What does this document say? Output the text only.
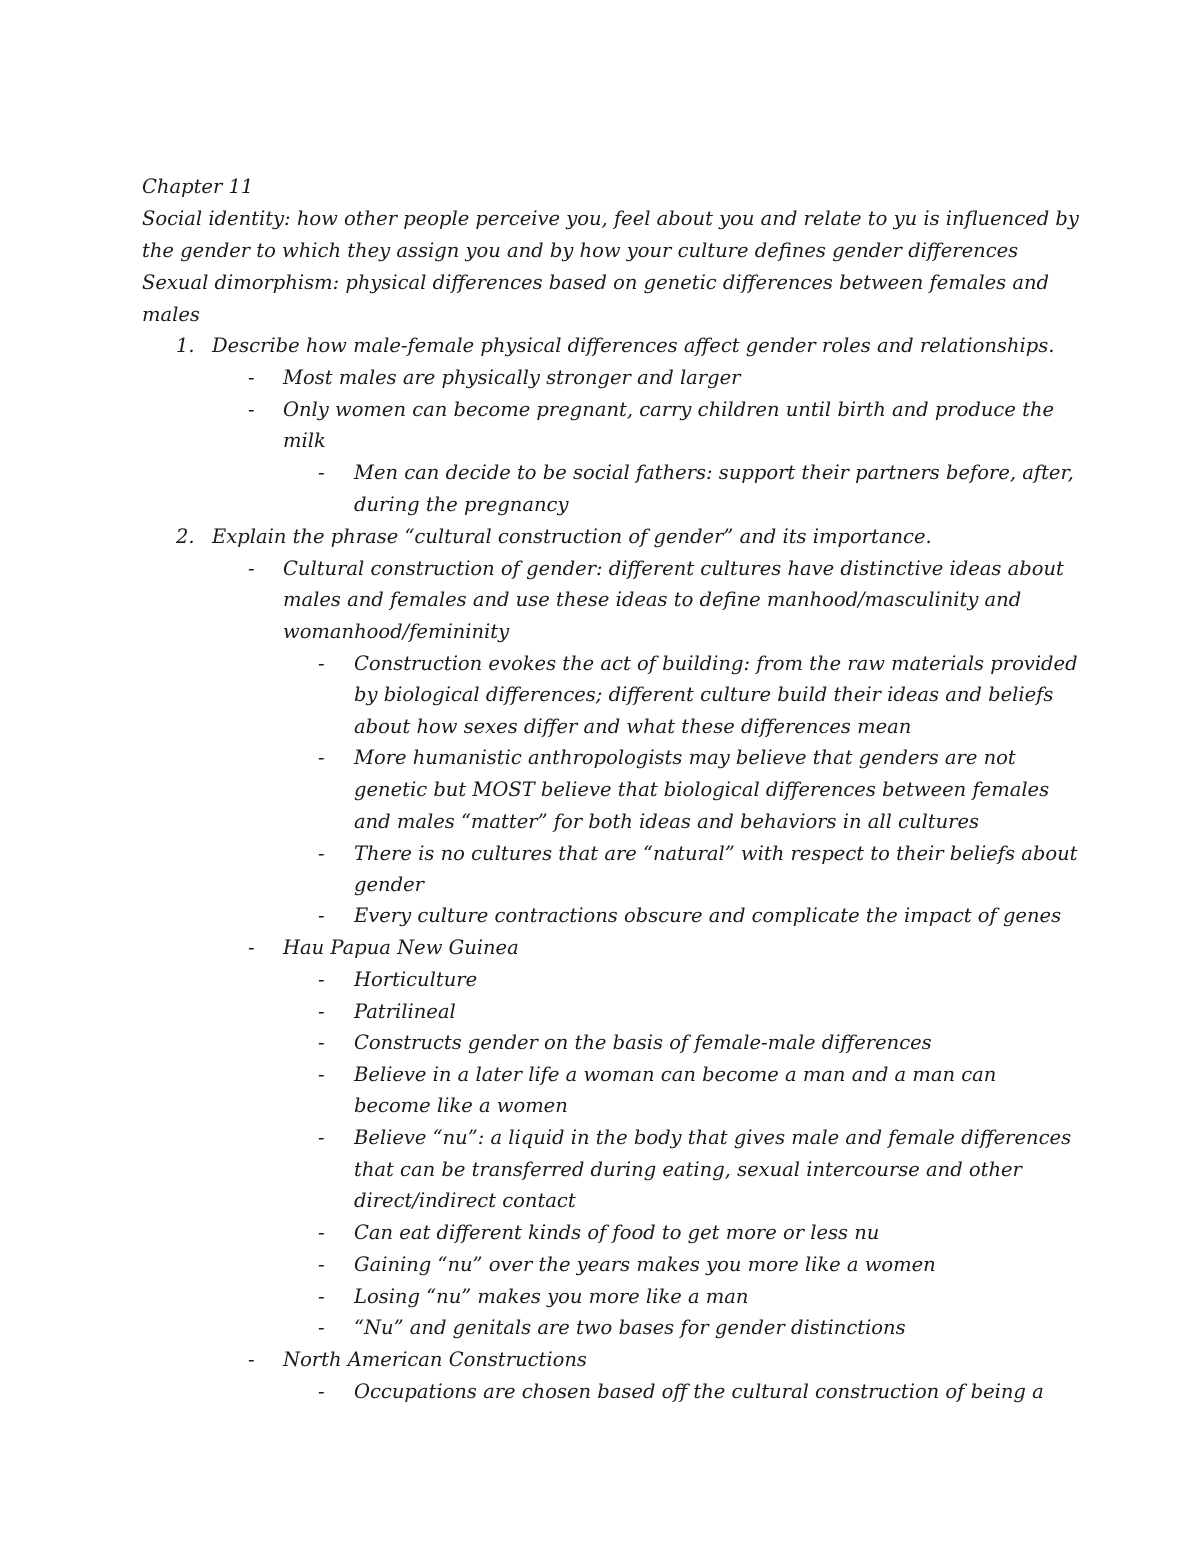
Chapter 11
Social identity: how other people perceive you, feel about you and relate to yu is influenced by
the gender to which they assign you and by how your culture defines gender differences
Sexual dimorphism: physical differences based on genetic differences between females and
males
1. Describe how male-female physical differences affect gender roles and relationships.
- Most males are physically stronger and larger
- Only women can become pregnant, carry children until birth and produce the
milk
- Men can decide to be social fathers: support their partners before, after,
during the pregnancy
2. Explain the phrase “cultural construction of gender” and its importance.
- Cultural construction of gender: different cultures have distinctive ideas about
males and females and use these ideas to define manhood/masculinity and
womanhood/femininity
- Construction evokes the act of building: from the raw materials provided
by biological differences; different culture build their ideas and beliefs
about how sexes differ and what these differences mean
- More humanistic anthropologists may believe that genders are not
genetic but MOST believe that biological differences between females
and males “matter” for both ideas and behaviors in all cultures
- There is no cultures that are “natural” with respect to their beliefs about
gender
- Every culture contractions obscure and complicate the impact of genes
- Hau Papua New Guinea
- Horticulture
- Patrilineal
- Constructs gender on the basis of female-male differences
- Believe in a later life a woman can become a man and a man can
become like a women
- Believe “nu”: a liquid in the body that gives male and female differences
that can be transferred during eating, sexual intercourse and other
direct/indirect contact
- Can eat different kinds of food to get more or less nu
- Gaining “nu” over the years makes you more like a women
- Losing “nu” makes you more like a man
- “Nu” and genitals are two bases for gender distinctions
- North American Constructions
- Occupations are chosen based off the cultural construction of being a
